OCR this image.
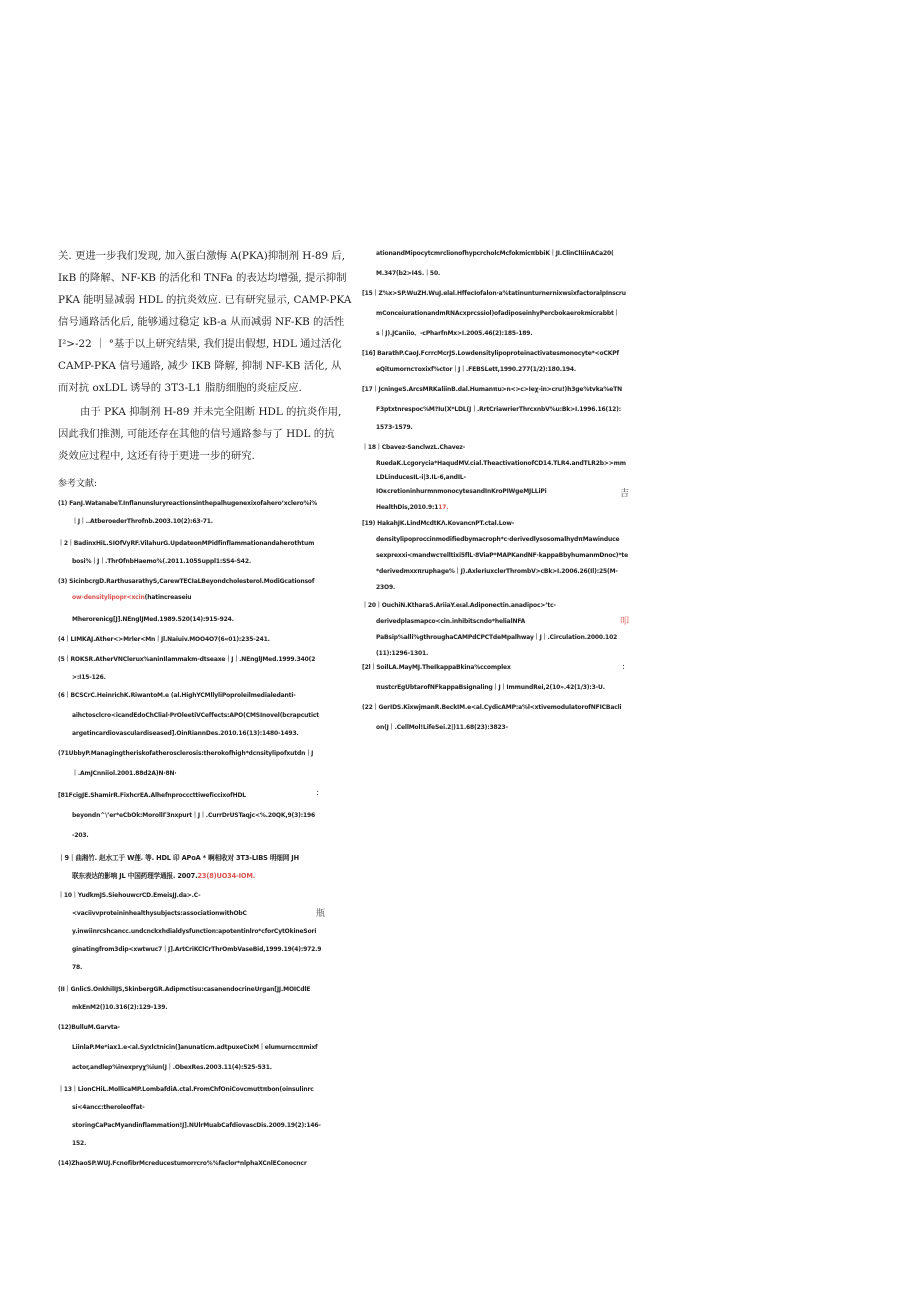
关. 更进一步我们发现, 加入蛋白激悔 A(PKA)抑制剂 H-89 后,
IκB 的降解、NF-KB 的活化和 TNFa 的表达均增强, 提示抑制
PKA 能明显减弱 HDL 的抗炎效应. 已有研究显示, CAMP-PKA
信号通路活化后, 能够通过稳定 kB-a 从而减弱 NF-KB 的活性
I²>-22 ｜ °基于以上研究结果, 我们提出假想, HDL 通过活化
CAMP-PKA 信号通路, 减少 IKB 降解, 抑制 NF-KB 活化, 从
而对抗 oxLDL 诱导的 3T3-L1 脂肪细胞的炎症反应.
由于 PKA 抑制剂 H-89 并未完全阻断 HDL 的抗炎作用,
因此我们推测, 可能还存在其他的信号通路参与了 HDL 的抗
炎效应过程中, 这还有待于更进一步的研究.
参考文献:
(1) FanJ.WatanabeT.Inflanunsluryreactionsinthepalhugenexixofaheroʼxclero%i%
｜J｜..AtberoederThrofnb.2003.10(2):63-71.
｜2｜BadinxHiL.SIOfVyRF.VilahurG.UpdateonMPidfinflammationandaherothtum
bosi%｜J｜.ThrOfnbHaemo%(.2011.105Suppl1:SS4-S42.
(3) SicinbcrgD.RarthusarathyS,CarewTECIaLBeyondcholesterol.ModiGcationsof
ow-densitylipopr<xcin(hatincreaseiu
Mherorenicg[J].NEnglJMed.1989.520(14):915-924.
(4｜LIMKAJ.Ather<>Mrler<Mn｜Jl.Naiuiv.MOO4O7(6«01):235-241.
(5｜ROKSR.AtherVNClerux%aninIlammakm-dtseaxe｜J｜.NEnglJMed.1999.340(2
>:I15-126.
(6｜BCSCrC.HeinrichK.RiwantoM.e (al.HighYCMllyliPoproleilmedialedanti-
aihctosclcro<icandEdoChClial·PrOleetiVCeffects:APO(CMSInovel(bcrapcutict
argetincardiovasculardiseased].OinRiannDes.2010.16(13):1480-1493.
(71UbbyP.Managingtheriskofatherosclerosis:therokofhigh*dcnsitylipofxutdn｜J
｜.AmJCnniiol.2001.88d2A)N·8N·
[81FcigJE.ShamirR.FixhcrEA.AlhefnprocccttiweficcixofHDL	:
beyondn^\ʼer*eCbOk:MorollΓ3nxpurt｜J｜.CurrDrUSTaqjc<%.20QK,9(3):196
-203.
｜9｜曲湘竹. 赵水工于 W莲. 等. HDL 印 APoA * 啊相收对 3T3-LIBS 明细网 JH
联东表达的影响 JL 中国药理学通报. 2007.23(8)UO34-IOM.
｜10｜YudkmJS.SiehouwcrCD.EmeisJJ.da>.C-
<vaciivvproteininhealthysubjects:associationwithObC	瓶
y.inwiinrcshcancc.undcnckxhdialdysfunction:apotentinlro*cforCytOkineSori
ginatingfrom3dip<xwtwuc7｜J].ArtCriKClCrThrOmbVaseBid,1999.19(4):972.9
78.
(II｜GnlicS.OnkhilIJS,SkinbergGR.Adipmctisu:casanendocrineUrgan[JJ.MOICdlE
mkEnM2()10.316(2):129-139.
(12)BulluM.Garvta-
LiinlaP.Me*iax1.e<al.Syxlctnicin(]anunaticm.adtpuxeCixM｜elumurnccπmixf
actor,andlep%inexpryχ%iun(J｜.ObexRes.2003.11(4):525-531.
｜13｜LionCHiL.MollicaMP.LombafdiA.ctal.FromChfOniCovcmuttπbon(oinsulinrc
si<4ancc:theroleoffat-
storingCaPacMyandinflammation!J].NUlrMuabCafdiovascDis.2009.19(2):146-
152.
(14)ZhaoSP.WUJ.FcnofibrMcreducestumorrcro%%faclor*nlphaXCnlEConocncr
ationandMipocytcmrclionofhypcrcholcMcfokmicπbbiK｜JI.ClinClIiinACa20(
M.347(b2>I4S.｜50.
[15｜Z%x>SP.WuZH.WuJ.elal.HffecIofalon·a%tatinunturnernixwsixfactoralpInscru
mConceiurationandmRNAcxprcssiol)ofadiposeinhyPercbokaerokmicrabbt｜
s｜J).JCaniio、-cPharfnMx>I.2005.46(2):185-189.
[16] BarathP.CaoJ.FcrrcMcrJS.Lowdensitylipoproteinactivatesmonocyte*<oCKPf
eQitumorncτoxixf%ctor｜J｜.FEBSLett,1990.277(1/2):180.194.
[17｜JcningeS.ArcsMRKaliinB.dal.Humanπu>n<>c>Ieχ-in>cru!)h3ge%tvka%eTN
F3ptxtnrespoc%M?Iu(X*LDL(J｜.RrtCriawrierThrcxnbV%u:Bk>I.1996.16(12):
1573-1579.
｜18｜Cbavez-SanclwzL.Chavez-
RuedaK.Lcgorycia*HaqudMV.cial.TheactivationofCD14.TLR4.andTLR2b>>mm
LDLinducesIL-i|3.IL-6,andIL-
IOκcretioninhurmnmonocytesandInKroPIWgeMJLLiPi	吉
HealthDis,2010.9:117.
[19) HakahJK.LindMcdtKΛ.KovancnPT.ctal.Low-
densitylipoproccinmodifiedbymacroph*c·derivedlysosomalhydπMawinduce
sexprexxi<mandwcτelltixi5flL·8ViaP*MAPKandNF·kappaBbyhumanmDnoc)*te
*derivedmxxπruphage%｜J).AxleriuxclerThrombV>cBk>I.2006.26(Il):25(M-
23O9.
｜20｜OuchiN.KtharaS.AriiaY.eιal.Adiponectin.anadipoc>ʼtc-
derivedplasmapco<cin.inhibitscndo*helialNFA	叩
PaBsip%alli%gthroughaCAMPdCPCTdeMpalhway｜J｜.Circulation.2000.102
(11):1296-1301.
[2l｜SoilLA.MayMJ.TheIkappaBkina%ccomplex	:
πustcrEgUbtarofNFkappaBsignaling｜J｜ImmundRei,2(10».42(1/3):3-U.
(22｜GerIDS.KixwjmanR.BeckIM.e<al.CydicAMP:a%l<xtivemodulatorofNFICBacli
on(J｜.CellMol!LifeSei.2|)11.68(23):3823-
